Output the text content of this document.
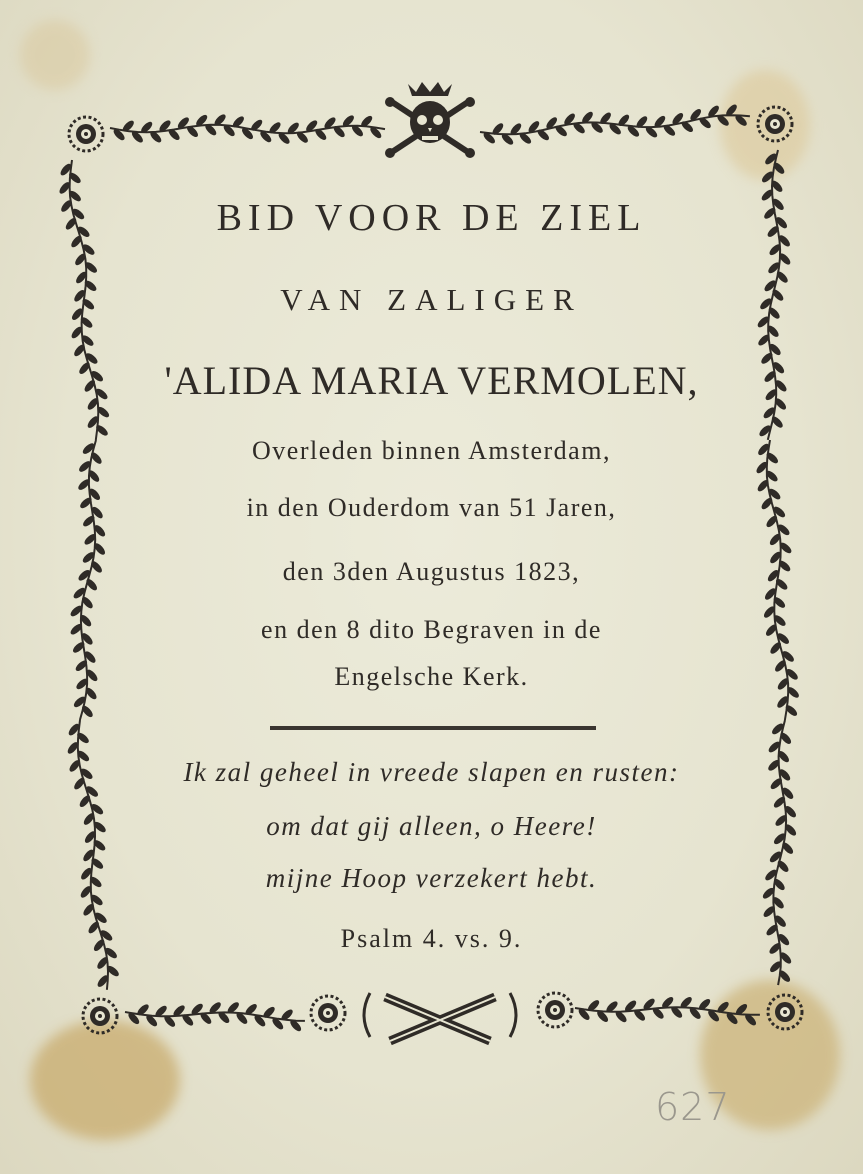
BID VOOR DE ZIEL
VAN ZALIGER
'ALIDA MARIA VERMOLEN,
Overleden binnen Amsterdam,
in den Ouderdom van 51 Jaren,
den 3den Augustus 1823,
en den 8 dito Begraven in de
Engelsche Kerk.
Ik zal geheel in vreede slapen en rusten:
om dat gij alleen, o Heere!
mijne Hoop verzekert hebt.
Psalm 4. vs. 9.
627
